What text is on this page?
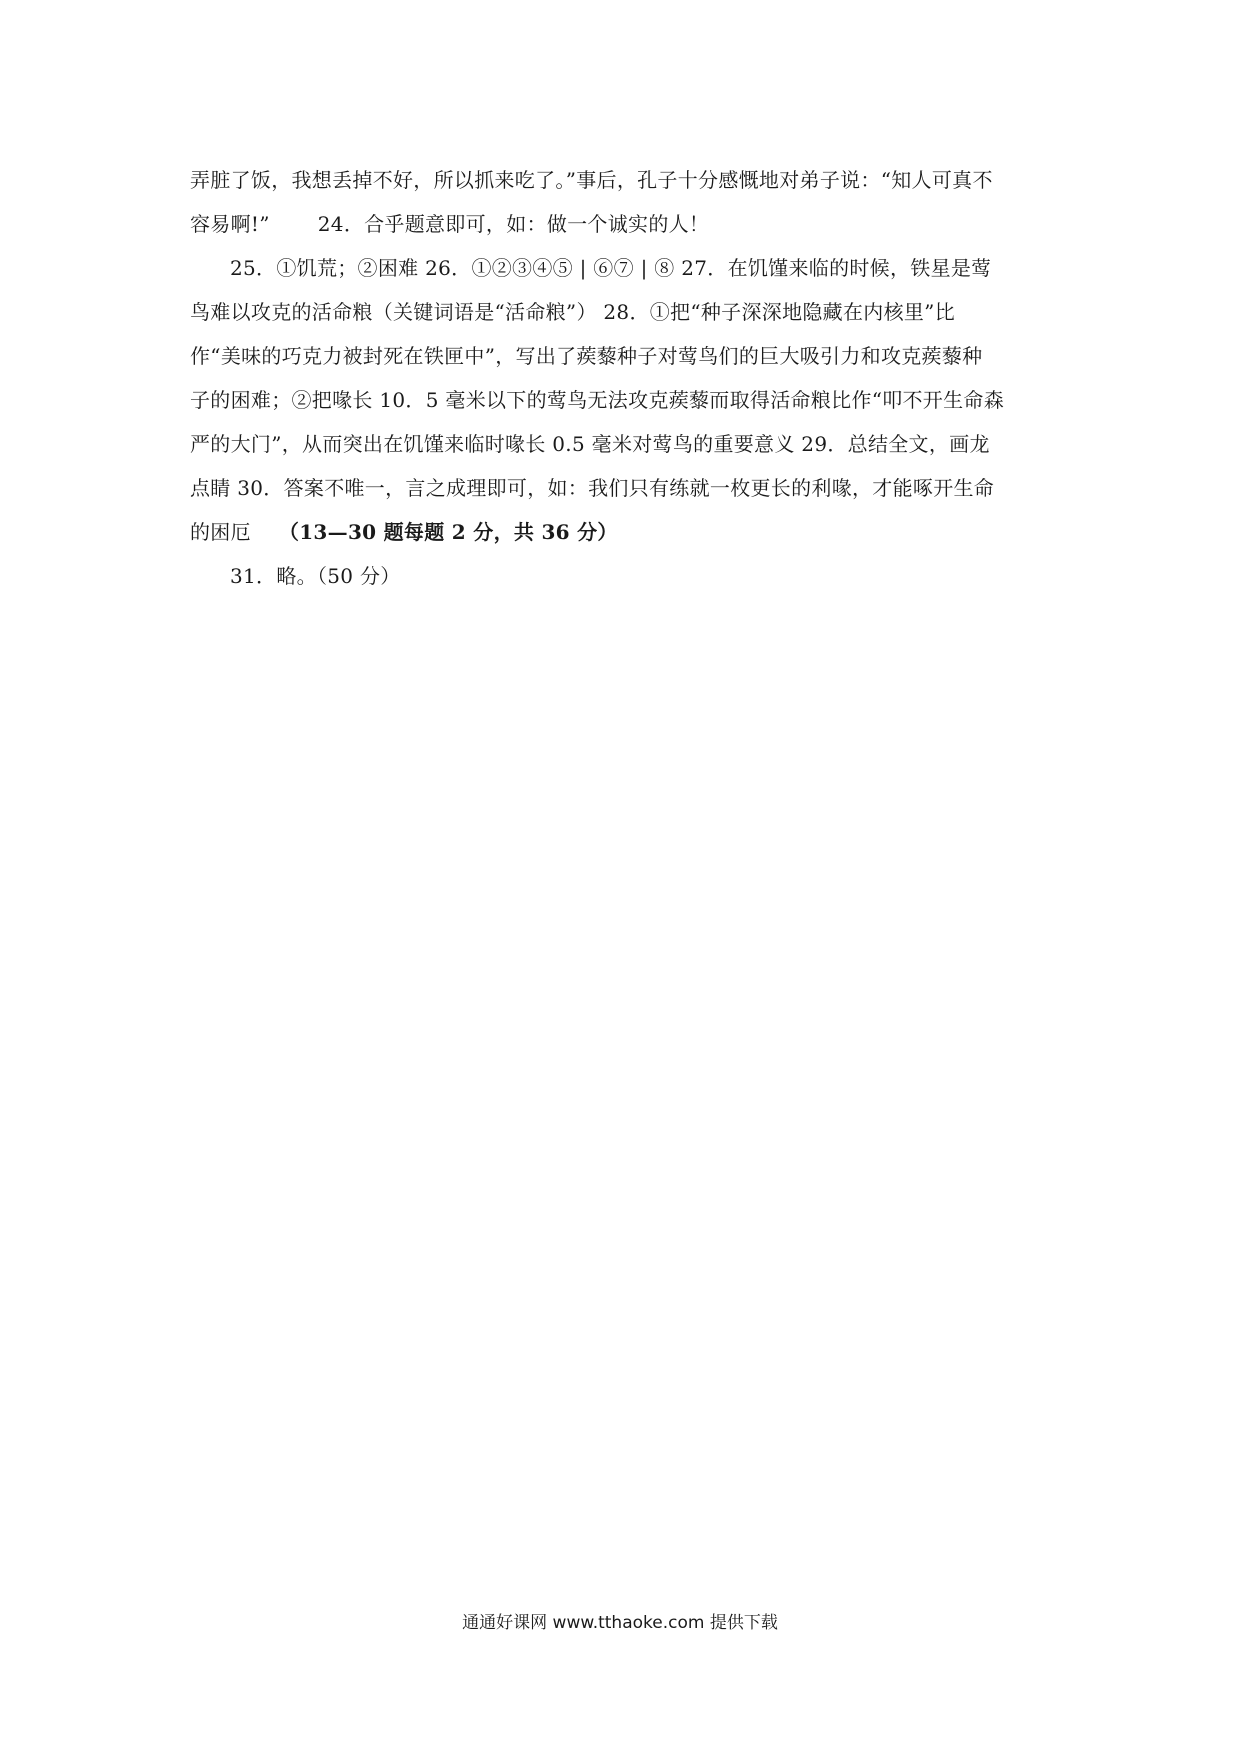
弄脏了饭，我想丢掉不好，所以抓来吃了。”事后，孔子十分感慨地对弟子说：“知人可真不
容易啊!” 24．合乎题意即可，如：做一个诚实的人！
25．①饥荒；②困难 26．①②③④⑤ | ⑥⑦ | ⑧ 27．在饥馑来临的时候，铁星是莺
鸟难以攻克的活命粮（关键词语是“活命粮”） 28．①把“种子深深地隐藏在内核里”比
作“美味的巧克力被封死在铁匣中”，写出了蒺藜种子对莺鸟们的巨大吸引力和攻克蒺藜种
子的困难；②把喙长 10．5 毫米以下的莺鸟无法攻克蒺藜而取得活命粮比作“叩不开生命森
严的大门”，从而突出在饥馑来临时喙长 0.5 毫米对莺鸟的重要意义 29．总结全文，画龙
点睛 30．答案不唯一，言之成理即可，如：我们只有练就一枚更长的利喙，才能啄开生命
的困厄 （13—30 题每题 2 分，共 36 分）
31．略。（50 分）
通通好课网 www.tthaoke.com 提供下载
